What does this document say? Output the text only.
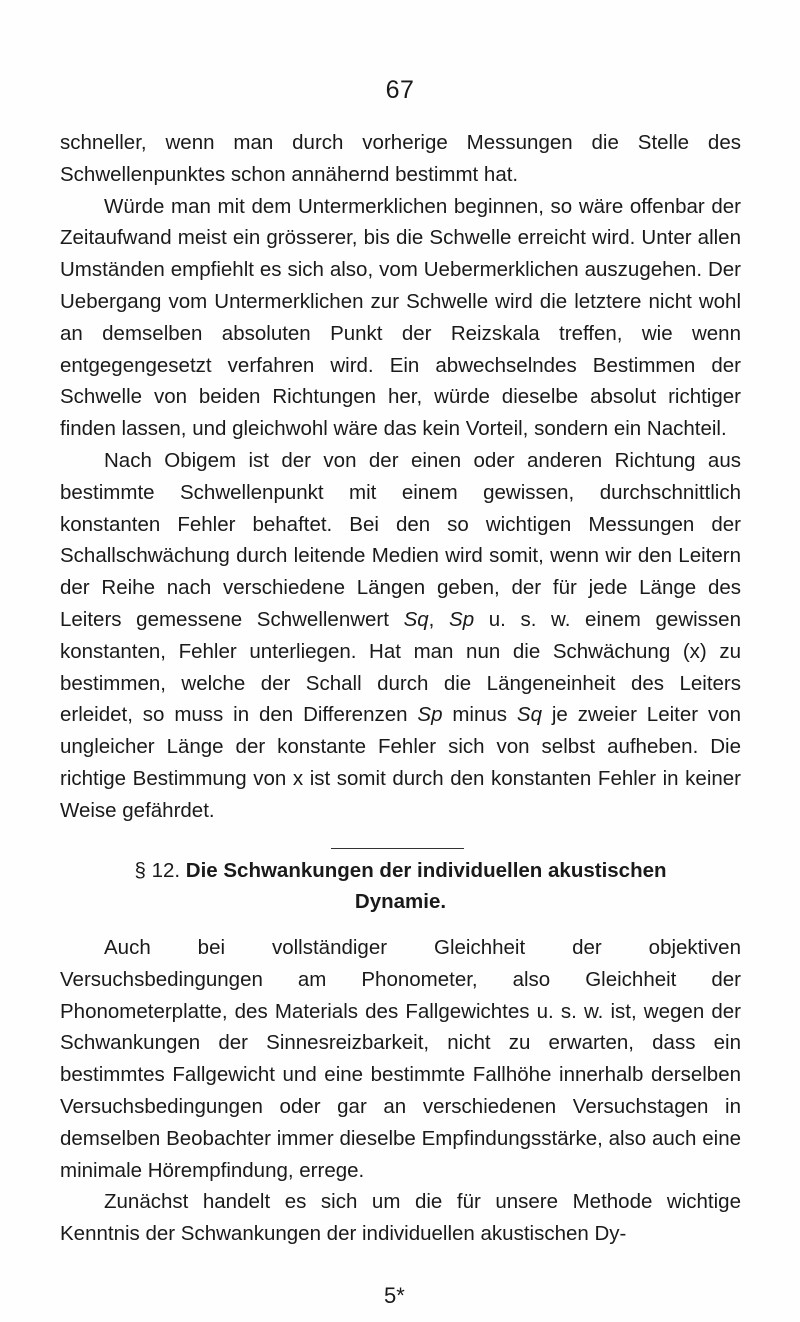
67

schneller, wenn man durch vorherige Messungen die Stelle des Schwellenpunktes schon annähernd bestimmt hat.

Würde man mit dem Untermerklichen beginnen, so wäre offenbar der Zeitaufwand meist ein grösserer, bis die Schwelle erreicht wird. Unter allen Umständen empfiehlt es sich also, vom Uebermerklichen auszugehen. Der Uebergang vom Untermerklichen zur Schwelle wird die letztere nicht wohl an demselben absoluten Punkt der Reizskala treffen, wie wenn entgegengesetzt verfahren wird. Ein abwechselndes Bestimmen der Schwelle von beiden Richtungen her, würde dieselbe absolut richtiger finden lassen, und gleichwohl wäre das kein Vorteil, sondern ein Nachteil.

Nach Obigem ist der von der einen oder anderen Richtung aus bestimmte Schwellenpunkt mit einem gewissen, durchschnittlich konstanten Fehler behaftet. Bei den so wichtigen Messungen der Schallschwächung durch leitende Medien wird somit, wenn wir den Leitern der Reihe nach verschiedene Längen geben, der für jede Länge des Leiters gemessene Schwellenwert Sq, Sp u. s. w. einem gewissen konstanten, Fehler unterliegen. Hat man nun die Schwächung (x) zu bestimmen, welche der Schall durch die Längeneinheit des Leiters erleidet, so muss in den Differenzen Sp minus Sq je zweier Leiter von ungleicher Länge der konstante Fehler sich von selbst aufheben. Die richtige Bestimmung von x ist somit durch den konstanten Fehler in keiner Weise gefährdet.

§ 12. Die Schwankungen der individuellen akustischen
Dynamie.

Auch bei vollständiger Gleichheit der objektiven Versuchsbedingungen am Phonometer, also Gleichheit der Phonometerplatte, des Materials des Fallgewichtes u. s. w. ist, wegen der Schwankungen der Sinnesreizbarkeit, nicht zu erwarten, dass ein bestimmtes Fallgewicht und eine bestimmte Fallhöhe innerhalb derselben Versuchsbedingungen oder gar an verschiedenen Versuchstagen in demselben Beobachter immer dieselbe Empfindungsstärke, also auch eine minimale Hörempfindung, errege.

Zunächst handelt es sich um die für unsere Methode wichtige Kenntnis der Schwankungen der individuellen akustischen Dy-

5*
